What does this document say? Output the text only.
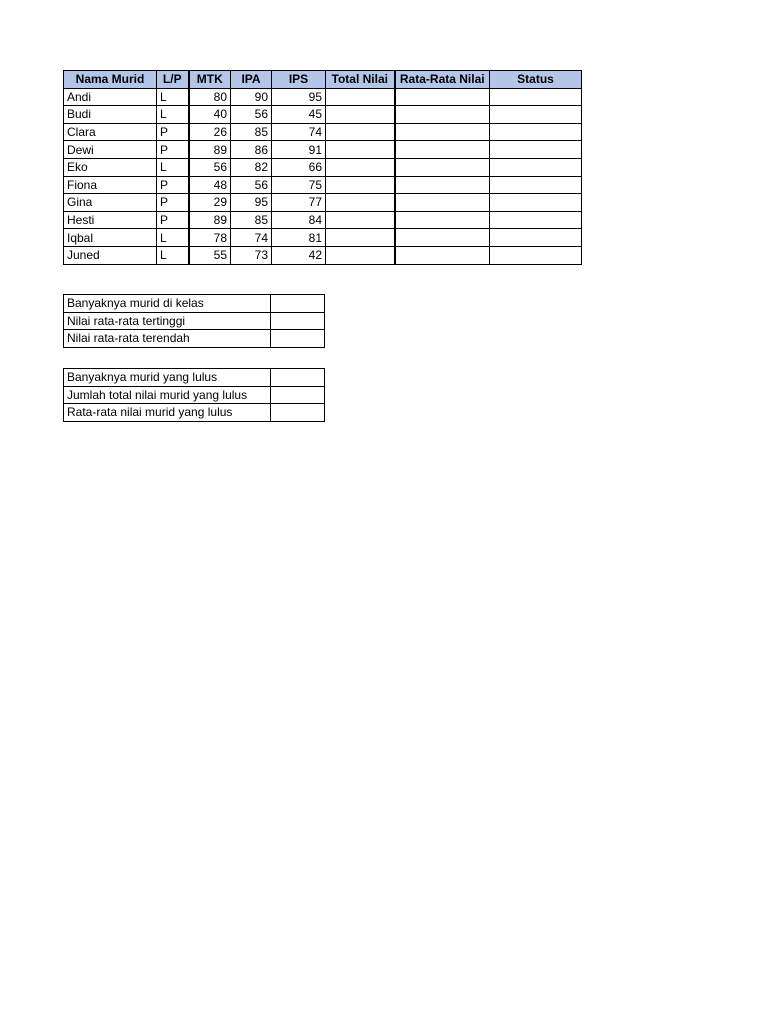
Nama Murid	L/P	MTK	IPA	IPS	Total Nilai	Rata-Rata Nilai	Status
Andi	L	80	90	95			
Budi	L	40	56	45			
Clara	P	26	85	74			
Dewi	P	89	86	91			
Eko	L	56	82	66			
Fiona	P	48	56	75			
Gina	P	29	95	77			
Hesti	P	89	85	84			
Iqbal	L	78	74	81			
Juned	L	55	73	42			
Banyaknya murid di kelas	
Nilai rata-rata tertinggi	
Nilai rata-rata terendah	
Banyaknya murid yang lulus	
Jumlah total nilai murid yang lulus	
Rata-rata nilai murid yang lulus	
